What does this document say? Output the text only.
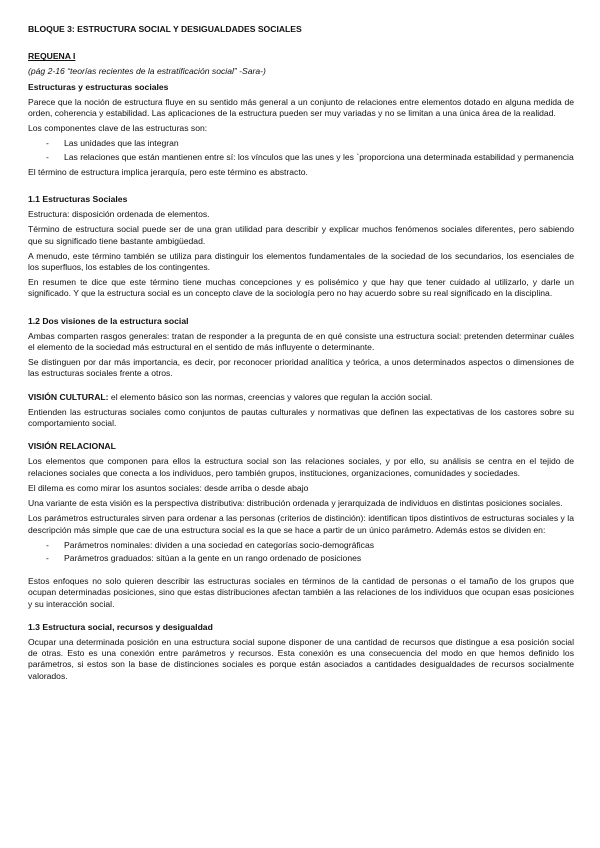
BLOQUE 3: ESTRUCTURA SOCIAL Y DESIGUALDADES SOCIALES

REQUENA I

(pág 2-16 “teorías recientes de la estratificación social” -Sara-)

Estructuras y estructuras sociales

Parece que la noción de estructura fluye en su sentido más general a un conjunto de relaciones entre elementos dotado en alguna medida de orden, coherencia y estabilidad. Las aplicaciones de la estructura pueden ser muy variadas y no se limitan a una única área de la realidad.

Los componentes clave de las estructuras son:

- Las unidades que las integran
- Las relaciones que están mantienen entre sí: los vínculos que las unes y les `proporciona una determinada estabilidad y permanencia

El término de estructura implica jerarquía, pero este término es abstracto.

1.1 Estructuras Sociales

Estructura: disposición ordenada de elementos.

Término de estructura social puede ser de una gran utilidad para describir y explicar muchos fenómenos sociales diferentes, pero sabiendo que su significado tiene bastante ambigüedad.

A menudo, este término también se utiliza para distinguir los elementos fundamentales de la sociedad de los secundarios, los esenciales de los superfluos, los estables de los contingentes.

En resumen te dice que este término tiene muchas concepciones y es polisémico y que hay que tener cuidado al utilizarlo, y darle un significado. Y que la estructura social es un concepto clave de la sociología pero no hay acuerdo sobre su real significado en la disciplina.

1.2 Dos visiones de la estructura social

Ambas comparten rasgos generales: tratan de responder a la pregunta de en qué consiste una estructura social: pretenden determinar cuáles el elemento de la sociedad más estructural en el sentido de más influyente o determinante.

Se distinguen por dar más importancia, es decir, por reconocer prioridad analítica y teórica, a unos determinados aspectos o dimensiones de las estructuras sociales frente a otros.

VISIÓN CULTURAL: el elemento básico son las normas, creencias y valores que regulan la acción social.

Entienden las estructuras sociales como conjuntos de pautas culturales y normativas que definen las expectativas de los castores sobre su comportamiento social.

VISIÓN RELACIONAL

Los elementos que componen para ellos la estructura social son las relaciones sociales, y por ello, su análisis se centra en el tejido de relaciones sociales que conecta a los individuos, pero también grupos, instituciones, organizaciones, comunidades y sociedades.

El dilema es como mirar los asuntos sociales: desde arriba o desde abajo

Una variante de esta visión es la perspectiva distributiva: distribución ordenada y jerarquizada de individuos en distintas posiciones sociales.

Los parámetros estructurales sirven para ordenar a las personas (criterios de distinción): identifican tipos distintivos de estructuras sociales y la descripción más simple que cae de una estructura social es la que se hace a partir de un único parámetro. Además estos se dividen en:

- Parámetros nominales: dividen a una sociedad en categorías socio-demográficas
- Parámetros graduados: sitúan a la gente en un rango ordenado de posiciones

Estos enfoques no solo quieren describir las estructuras sociales en términos de la cantidad de personas o el tamaño de los grupos que ocupan determinadas posiciones, sino que estas distribuciones afectan también a las relaciones de los individuos que ocupan esas posiciones y su interacción social.

1.3 Estructura social, recursos y desigualdad

Ocupar una determinada posición en una estructura social supone disponer de una cantidad de recursos que distingue a esa posición social de otras. Esto es una conexión entre parámetros y recursos. Esta conexión es una consecuencia del modo en que hemos definido los parámetros, si estos son la base de distinciones sociales es porque están asociados a cantidades desigualdades de recursos socialmente valorados.
